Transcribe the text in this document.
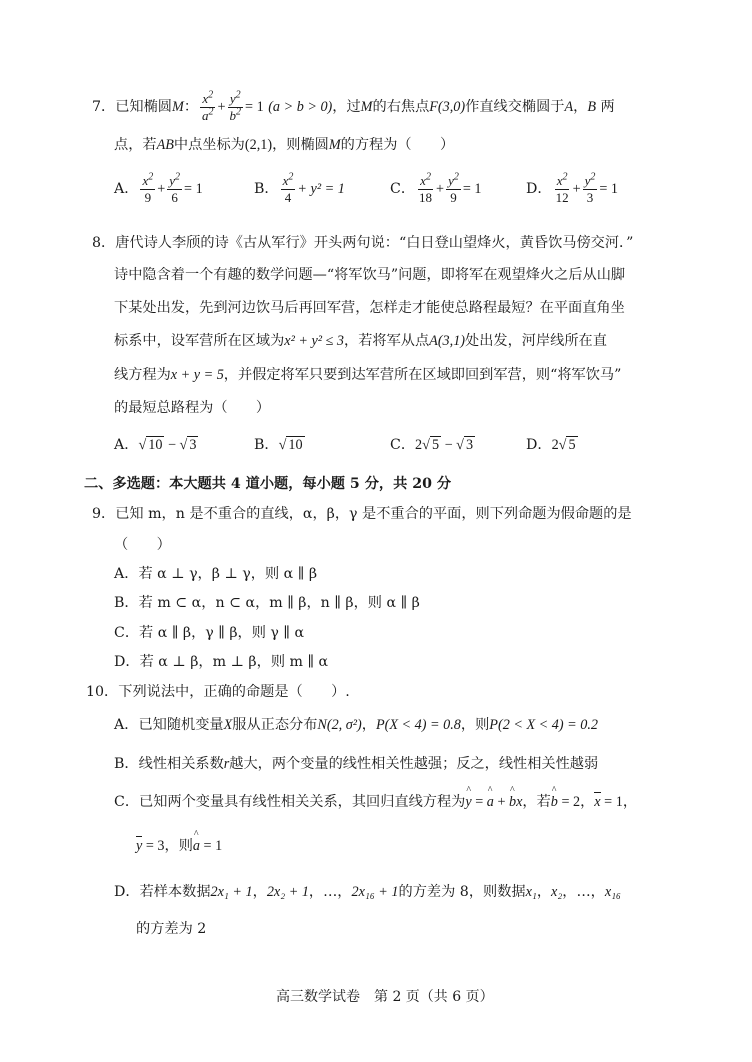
7．已知椭圆M： $\frac{x^2}{a^2} + \frac{y^2}{b^2} = 1$ (a > b > 0)，过M的右焦点F(3,0)作直线交椭圆于A，B 两
点，若AB中点坐标为(2,1)，则椭圆M的方程为（　　）
A． $\frac{x^2}{9} + \frac{y^2}{6} = 1$	B． $\frac{x^2}{4} + y^2 = 1$	C． $\frac{x^2}{18} + \frac{y^2}{9} = 1$	D． $\frac{x^2}{12} + \frac{y^2}{3} = 1$
8．唐代诗人李颀的诗《古从军行》开头两句说：“白日登山望烽火，黄昏饮马傍交河．”
诗中隐含着一个有趣的数学问题—“将军饮马”问题，即将军在观望烽火之后从山脚
下某处出发，先到河边饮马后再回军营，怎样走才能使总路程最短？在平面直角坐
标系中，设军营所在区域为x² + y² ≤ 3，若将军从点A(3,1)处出发，河岸线所在直
线方程为x + y = 5，并假定将军只要到达军营所在区域即回到军营，则“将军饮马”
的最短总路程为（　　）
A．√ 10 − √ 3	B．√ 10	C．2√ 5 − √ 3	D．2√ 5
二、多选题：本大题共 4 道小题，每小题 5 分，共 20 分
9．已知 m，n 是不重合的直线，α，β，γ 是不重合的平面，则下列命题为假命题的是
（　　）
A．若 α ⊥ γ，β ⊥ γ，则 α ∥ β
B．若 m ⊂ α，n ⊂ α，m ∥ β，n ∥ β，则 α ∥ β
C．若 α ∥ β，γ ∥ β，则 γ ∥ α
D．若 α ⊥ β，m ⊥ β，则 m ∥ α
10．下列说法中，正确的命题是（　　）.
A．已知随机变量X服从正态分布N(2, σ²)，P(X < 4) = 0.8，则P(2 < X < 4) = 0.2
B．线性相关系数r越大，两个变量的线性相关性越强；反之，线性相关性越弱
C．已知两个变量具有线性相关关系，其回归直线方程为^ y = ^ a + ^ bx，若^ b = 2，x = 1，
y = 3，则^ a = 1
D．若样本数据2x₁ + 1，2x₂ + 1，…，2x₁₆ + 1的方差为 8，则数据x₁，x₂，…，x₁₆
的方差为 2
高三数学试卷　第 2 页（共 6 页）
